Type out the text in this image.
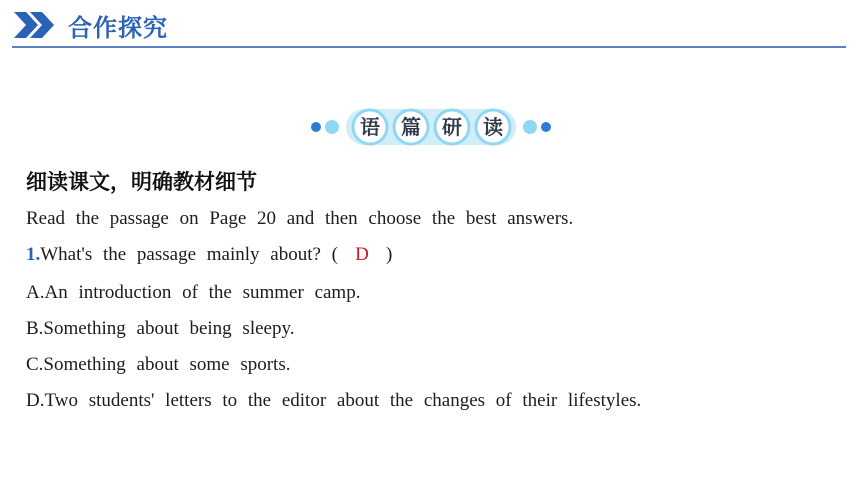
合作探究
语	篇	研	读
细读课文，明确教材细节
Read the passage on Page 20 and then choose the best answers.
1.What's the passage mainly about? ( D )
A.An introduction of the summer camp.
B.Something about being sleepy.
C.Something about some sports.
D.Two students' letters to the editor about the changes of their lifestyles.
